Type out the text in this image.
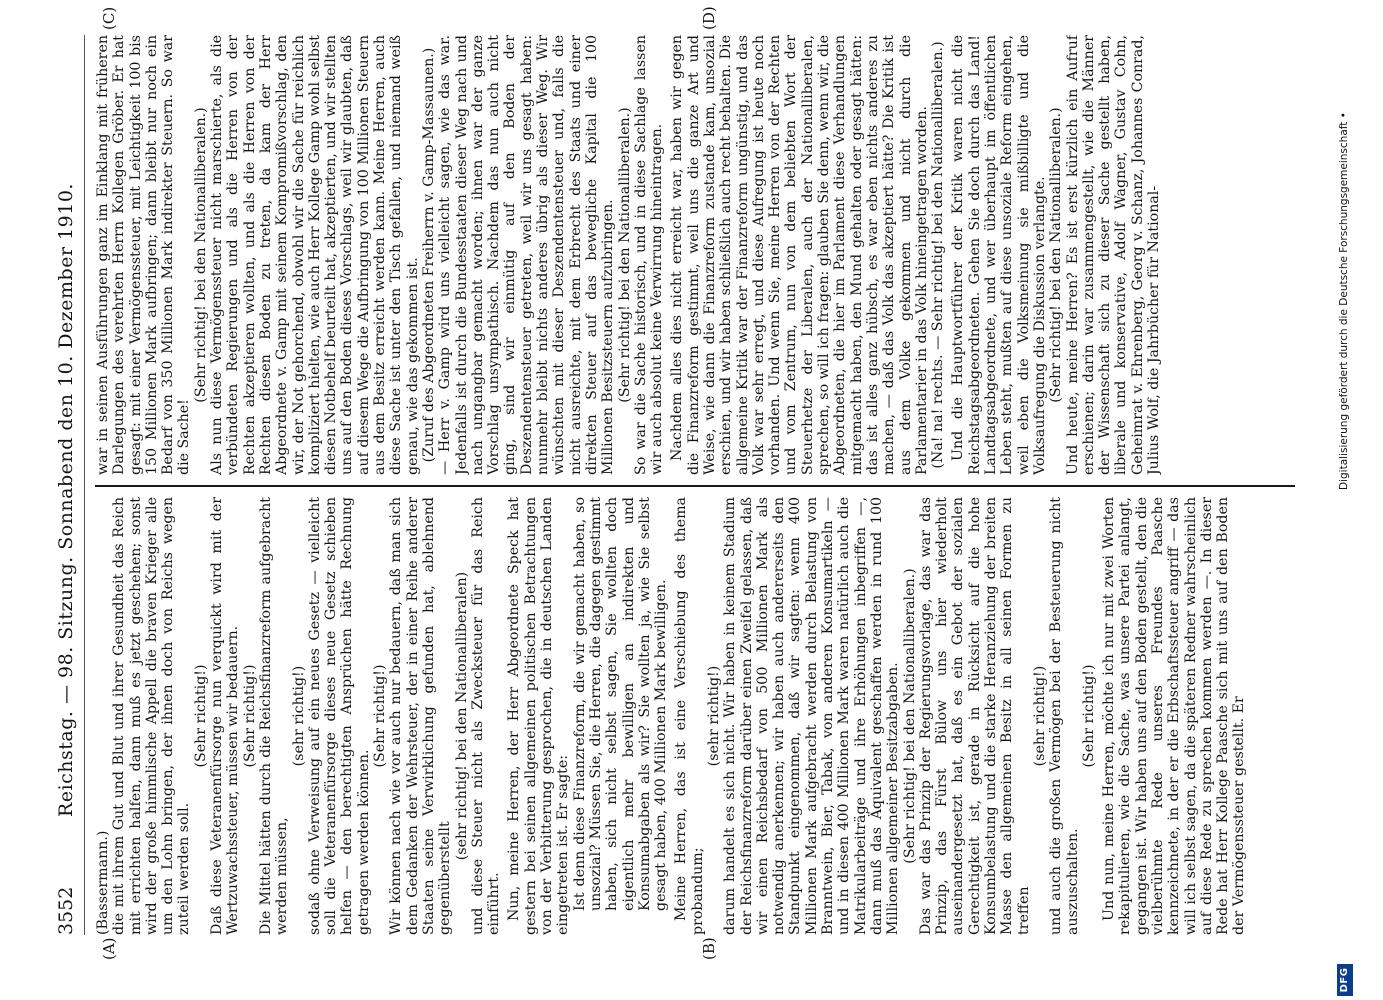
3552
Reichstag. — 98. Sitzung. Sonnabend den 10. Dezember 1910.
(A)	(B)
(C)	(D)

(Bassermann.) die mit ihrem Gut und Blut und ihrer Gesundheit das Reich mit errichten halfen, dann muß es jetzt geschehen; sonst wird der große himmlische Appell die braven Krieger alle um den Lohn bringen, der ihnen doch von Reichs wegen zuteil werden soll.

(Sehr richtig!) Daß diese Veteranenfürsorge nun verquickt wird mit der Wertzuwachssteuer, müssen wir bedauern. (Sehr richtig!) Die Mittel hätten durch die Reichsfinanzreform aufgebracht werden müssen,

(sehr richtig!) sodaß ohne Verweisung auf ein neues Gesetz — vielleicht soll die Veteranenfürsorge dieses neue Gesetz schieben helfen — den berechtigten Ansprüchen hätte Rechnung getragen werden können.

(Sehr richtig!) Wir können nach wie vor auch nur bedauern, daß man sich dem Gedanken der Wehrsteuer, der in einer Reihe anderer Staaten seine Verwirklichung gefunden hat, ablehnend gegenüberstellt

(sehr richtig! bei den Nationalliberalen) und diese Steuer nicht als Zwecksteuer für das Reich einführt. Nun, meine Herren, der Herr Abgeordnete Speck hat gestern bei seinen allgemeinen politischen Betrachtungen von der Verbitterung gesprochen, die in deutschen Landen eingetreten ist. Er sagte: Ist denn diese Finanzreform, die wir gemacht haben, so unsozial? Müssen Sie, die Herren, die dagegen gestimmt haben, sich nicht selbst sagen, Sie wollten doch eigentlich mehr bewilligen an indirekten und Konsumabgaben als wir? Sie wollten ja, wie Sie selbst gesagt haben, 400 Millionen Mark bewilligen. Meine Herren, das ist eine Verschiebung des thema probandum;

(sehr richtig!) darum handelt es sich nicht. Wir haben in keinem Stadium der Reichsfinanzreform darüber einen Zweifel gelassen, daß wir einen Reichsbedarf von 500 Millionen Mark als notwendig anerkennen; wir haben auch andererseits den Standpunkt eingenommen, daß wir sagten: wenn 400 Millionen Mark aufgebracht werden durch Belastung von Branntwein, Bier, Tabak, von anderen Konsumartikeln — und in diesen 400 Millionen Mark waren natürlich auch die Matrikularbeiträge und ihre Erhöhungen inbegriffen —, dann muß das Äquivalent geschaffen werden in rund 100 Millionen allgemeiner Besitzabgaben. (Sehr richtig! bei den Nationalliberalen.) Das war das Prinzip der Regierungsvorlage, das war das Prinzip, das Fürst Bülow uns hier wiederholt auseinandergesetzt hat, daß es ein Gebot der sozialen Gerechtigkeit ist, gerade in Rücksicht auf die hohe Konsumbelastung und die starke Heranziehung der breiten Masse den allgemeinen Besitz in all seinen Formen zu treffen

(sehr richtig!) und auch die großen Vermögen bei der Besteuerung nicht auszuschalten.

(Sehr richtig!) Und nun, meine Herren, möchte ich nur mit zwei Worten rekapitulieren, wie die Sache, was unsere Partei anlangt, gegangen ist. Wir haben uns auf den Boden gestellt, den die vielberühmte Rede unseres Freundes Paasche kennzeichnete, in der er die Erbschaftssteuer angriff — das will ich selbst sagen, da die späteren Redner wahrscheinlich auf diese Rede zu sprechen kommen werden —. In dieser Rede hat Herr Kollege Paasche sich mit uns auf den Boden der Vermögenssteuer gestellt. Er

war in seinen Ausführungen ganz im Einklang mit früheren Darlegungen des verehrten Herrn Kollegen Gröber. Er hat gesagt: mit einer Vermögenssteuer, mit Leichtigkeit 100 bis 150 Millionen Mark aufbringen; dann bleibt nur noch ein Bedarf von 350 Millionen Mark indirekter Steuern. So war die Sache!

(Sehr richtig! bei den Nationalliberalen.) Als nun diese Vermögenssteuer nicht marschierte, als die verbündeten Regierungen und als die Herren von der Rechten akzeptieren wollten, und als die Herren von der Rechten diesen Boden zu treten, da kam der Herr Abgeordnete v. Gamp mit seinem Kompromißvorschlag, den wir, der Not gehorchend, obwohl wir die Sache für reichlich kompliziert hielten, wie auch Herr Kollege Gamp wohl selbst diesen Notbehelf beurteilt hat, akzeptierten, und wir stellten uns auf den Boden dieses Vorschlags, weil wir glaubten, daß auf diesem Wege die Aufbringung von 100 Millionen Steuern aus dem Besitz erreicht werden kann. Meine Herren, auch diese Sache ist unter den Tisch gefallen, und niemand weiß genau, wie das gekommen ist. (Zuruf des Abgeordneten Freiherrn v. Gamp-Massaunen.) — Herr v. Gamp wird uns vielleicht sagen, wie das war. Jedenfalls ist durch die Bundesstaaten dieser Weg nach und nach ungangbar gemacht worden; ihnen war der ganze Vorschlag unsympathisch. Nachdem das nun auch nicht ging, sind wir einmütig auf den Boden der Deszendentensteuer getreten, weil wir uns gesagt haben: nunmehr bleibt nichts anderes übrig als dieser Weg. Wir wünschten mit dieser Deszendentensteuer und, falls die nicht ausreichte, mit dem Erbrecht des Staats und einer direkten Steuer auf das bewegliche Kapital die 100 Millionen Besitzsteuern aufzubringen. (Sehr richtig! bei den Nationalliberalen.) So war die Sache historisch, und in diese Sachlage lassen wir auch absolut keine Verwirrung hineintragen. Nachdem alles dies nicht erreicht war, haben wir gegen die Finanzreform gestimmt, weil uns die ganze Art und Weise, wie dann die Finanzreform zustande kam, unsozial erschien, und wir haben schließlich auch recht behalten. Die allgemeine Kritik war der Finanzreform ungünstig, und das Volk war sehr erregt, und diese Aufregung ist heute noch vorhanden. Und wenn Sie, meine Herren von der Rechten und vom Zentrum, nun von dem beliebten Wort der Steuerhetze der Liberalen, auch der Nationalliberalen, sprechen, so will ich fragen: glauben Sie denn, wenn wir, die Abgeordneten, die hier im Parlament diese Verhandlungen mitgemacht haben, den Mund gehalten oder gesagt hätten: das ist alles ganz hübsch, es war eben nichts anderes zu machen, — daß das Volk das akzeptiert hätte? Die Kritik ist aus dem Volke gekommen und nicht durch die Parlamentarier in das Volk hineingetragen worden. (Na! na! rechts. — Sehr richtig! bei den Nationalliberalen.) Und die Hauptwortführer der Kritik waren nicht die Reichstagsabgeordneten. Gehen Sie doch durch das Land! Landtagsabgeordnete, und wer überhaupt im öffentlichen Leben steht, mußten auf diese unsoziale Reform eingehen, weil eben die Volksmeinung sie mißbilligte und die Volksaufregung die Diskussion verlangte. (Sehr richtig! bei den Nationalliberalen.) Und heute, meine Herren? Es ist erst kürzlich ein Aufruf erschienen; darin war zusammengestellt, wie die Männer der Wissenschaft sich zu dieser Sache gestellt haben, liberale und konservative, Adolf Wagner, Gustav Cohn, Geheimrat v. Ehrenberg, Georg v. Schanz, Johannes Conrad, Julius Wolf, die Jahrbücher für National-

DFG
Digitalisierung gefördert durch die Deutsche Forschungsgemeinschaft •
